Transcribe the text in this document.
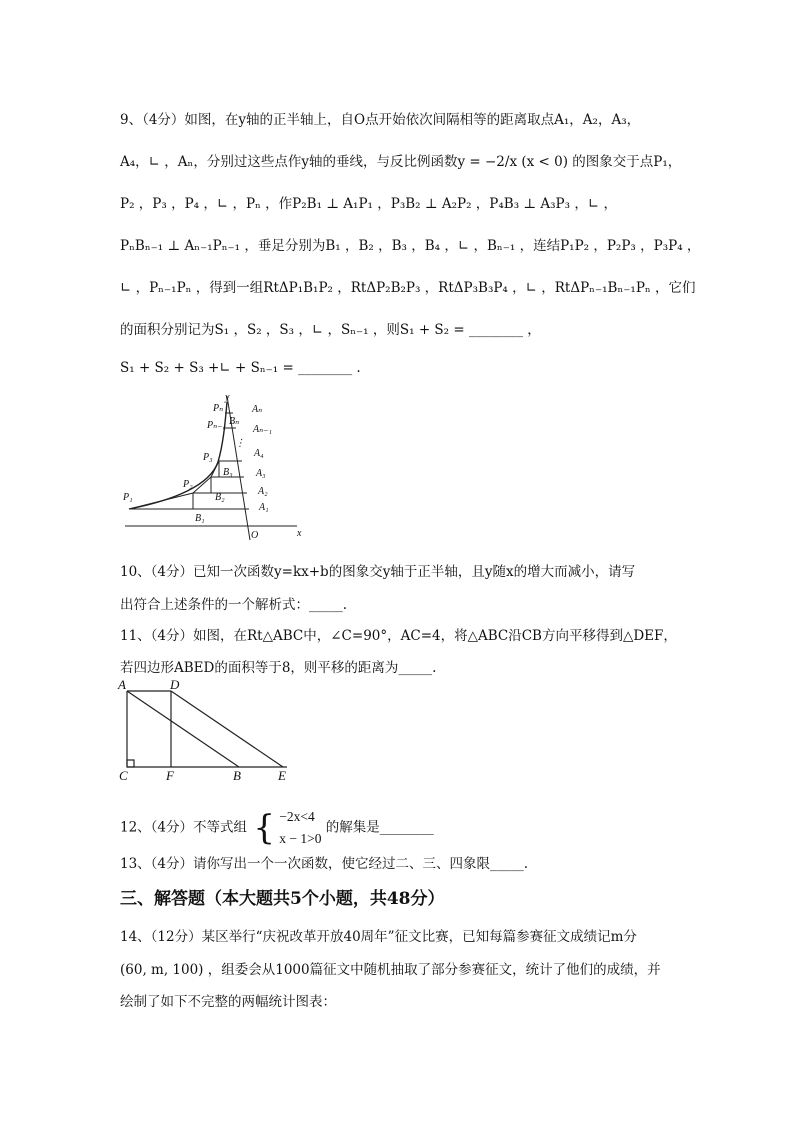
9、（4分）如图，在y轴的正半轴上，自O点开始依次间隔相等的距离取点A₁，A₂，A₃，
A₄，∟ ，Aₙ，分别过这些点作y轴的垂线，与反比例函数y = −2/x (x < 0) 的图象交于点P₁，
P₂ ，P₃ ，P₄ ，∟ ，Pₙ ，作P₂B₁ ⊥ A₁P₁ ，P₃B₂ ⊥ A₂P₂ ，P₄B₃ ⊥ A₃P₃ ，∟ ，
PₙBₙ₋₁ ⊥ Aₙ₋₁Pₙ₋₁ ，垂足分别为B₁ ，B₂ ，B₃ ，B₄ ，∟ ，Bₙ₋₁ ，连结P₁P₂ ，P₂P₃ ，P₃P₄ ，
∟ ，Pₙ₋₁Pₙ ，得到一组RtΔP₁B₁P₂ ，RtΔP₂B₂P₃ ，RtΔP₃B₃P₄ ，∟ ，RtΔPₙ₋₁Bₙ₋₁Pₙ ，它们
的面积分别记为S₁ ，S₂ ，S₃ ，∟ ，Sₙ₋₁ ，则S₁ + S₂ = ________ ，
S₁ + S₂ + S₃ +∟ + Sₙ₋₁ = ________ .
Pₙ
Pₙ₋₁
P₃
P₂
P₁
Aₙ
Aₙ₋₁
A₄
A₃
A₂
A₁
Bₙ
B₃
B₂
B₁
⋮
y
x
O
10、（4分）已知一次函数y=kx+b的图象交y轴于正半轴，且y随x的增大而减小，请写
出符合上述条件的一个解析式：_____.
11、（4分）如图，在Rt△ABC中，∠C=90°，AC=4，将△ABC沿CB方向平移得到△DEF，
若四边形ABED的面积等于8，则平移的距离为_____.
A	D
C	F	B	E
12、（4分）不等式组 { −2x<4
x − 1>0
的解集是________
13、（4分）请你写出一个一次函数，使它经过二、三、四象限_____.
三、解答题（本大题共5个小题，共48分）
14、（12分）某区举行“庆祝改革开放40周年”征文比赛，已知每篇参赛征文成绩记m分
(60, m, 100) ，组委会从1000篇征文中随机抽取了部分参赛征文，统计了他们的成绩，并
绘制了如下不完整的两幅统计图表：
